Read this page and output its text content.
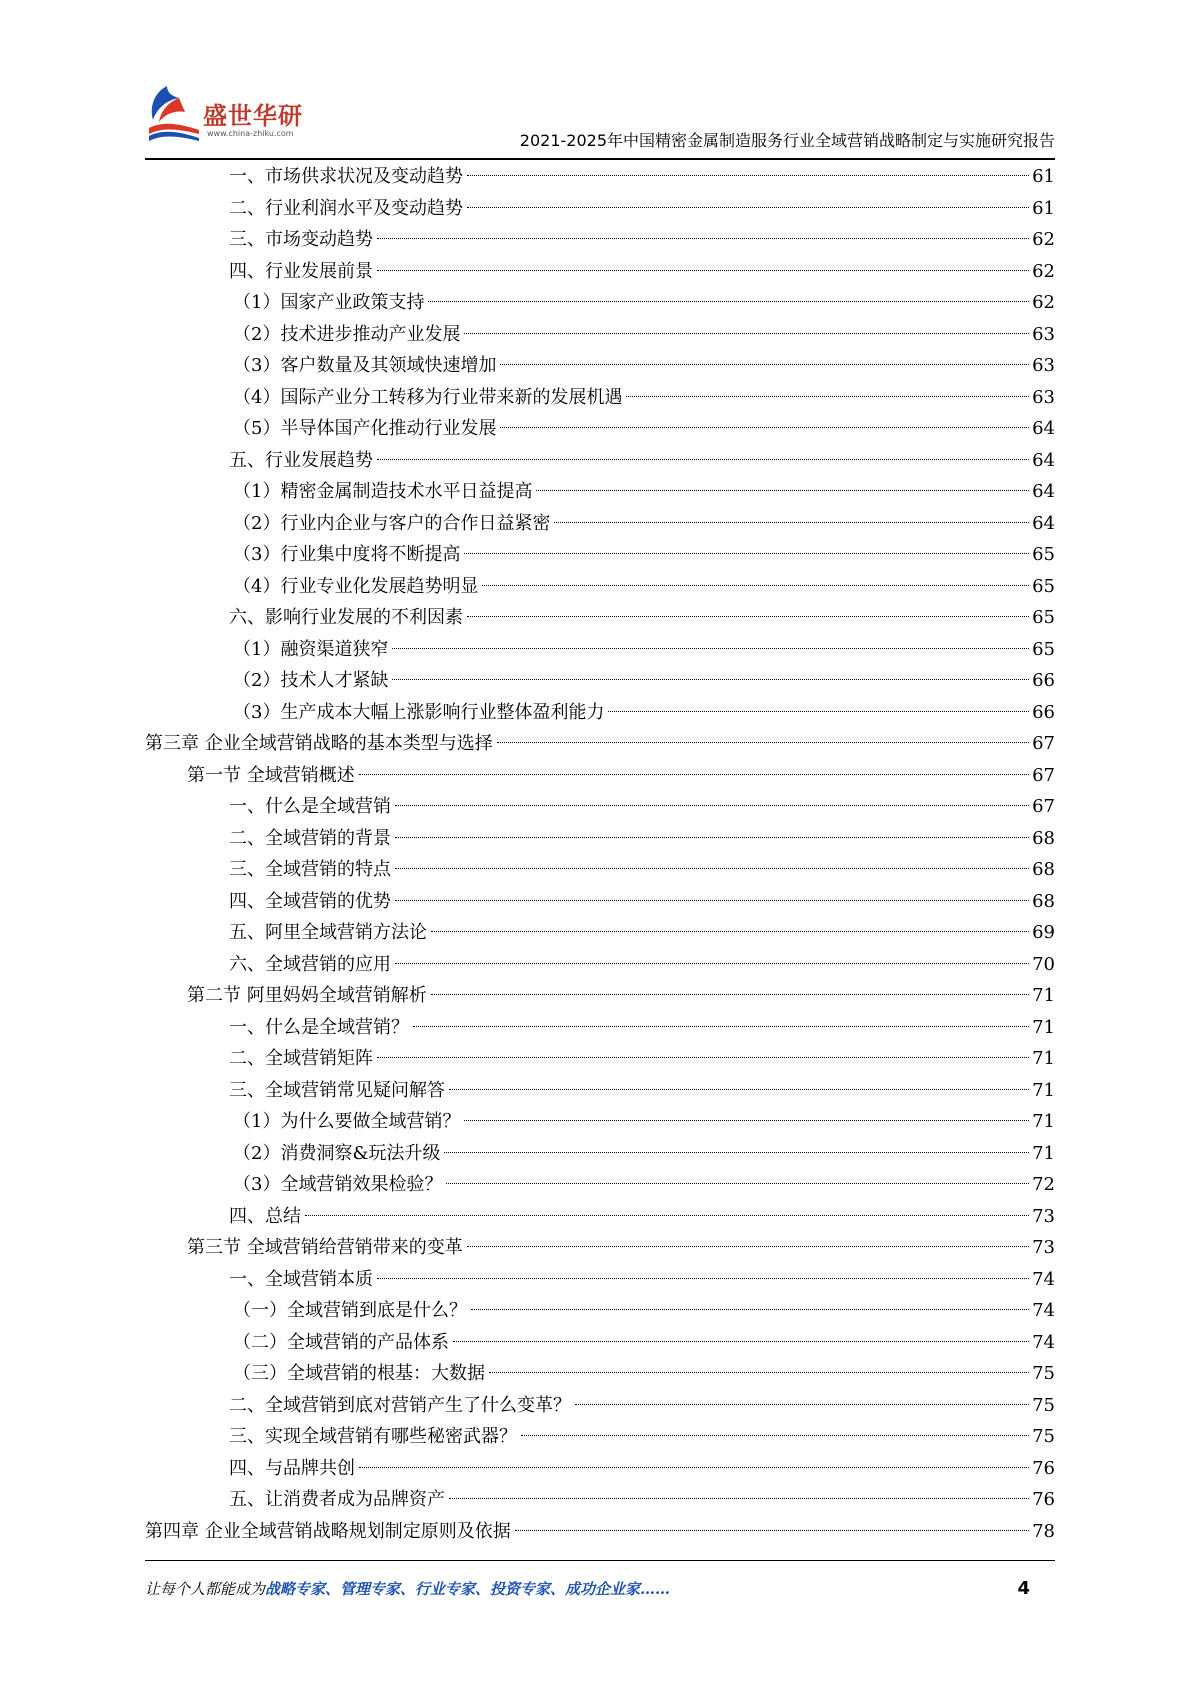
盛世华研
www.china-zhiku.com	2021-2025年中国精密金属制造服务行业全域营销战略制定与实施研究报告
一、市场供求状况及变动趋势	61
二、行业利润水平及变动趋势	61
三、市场变动趋势	62
四、行业发展前景	62
（1）国家产业政策支持	62
（2）技术进步推动产业发展	63
（3）客户数量及其领域快速增加	63
（4）国际产业分工转移为行业带来新的发展机遇	63
（5）半导体国产化推动行业发展	64
五、行业发展趋势	64
（1）精密金属制造技术水平日益提高	64
（2）行业内企业与客户的合作日益紧密	64
（3）行业集中度将不断提高	65
（4）行业专业化发展趋势明显	65
六、影响行业发展的不利因素	65
（1）融资渠道狭窄	65
（2）技术人才紧缺	66
（3）生产成本大幅上涨影响行业整体盈利能力	66
第三章 企业全域营销战略的基本类型与选择	67
第一节 全域营销概述	67
一、什么是全域营销	67
二、全域营销的背景	68
三、全域营销的特点	68
四、全域营销的优势	68
五、阿里全域营销方法论	69
六、全域营销的应用	70
第二节 阿里妈妈全域营销解析	71
一、什么是全域营销？	71
二、全域营销矩阵	71
三、全域营销常见疑问解答	71
（1）为什么要做全域营销？	71
（2）消费洞察&玩法升级	71
（3）全域营销效果检验？	72
四、总结	73
第三节 全域营销给营销带来的变革	73
一、全域营销本质	74
（一）全域营销到底是什么？	74
（二）全域营销的产品体系	74
（三）全域营销的根基：大数据	75
二、全域营销到底对营销产生了什么变革？	75
三、实现全域营销有哪些秘密武器？	75
四、与品牌共创	76
五、让消费者成为品牌资产	76
第四章 企业全域营销战略规划制定原则及依据	78
让每个人都能成为战略专家、管理专家、行业专家、投资专家、成功企业家……	4
